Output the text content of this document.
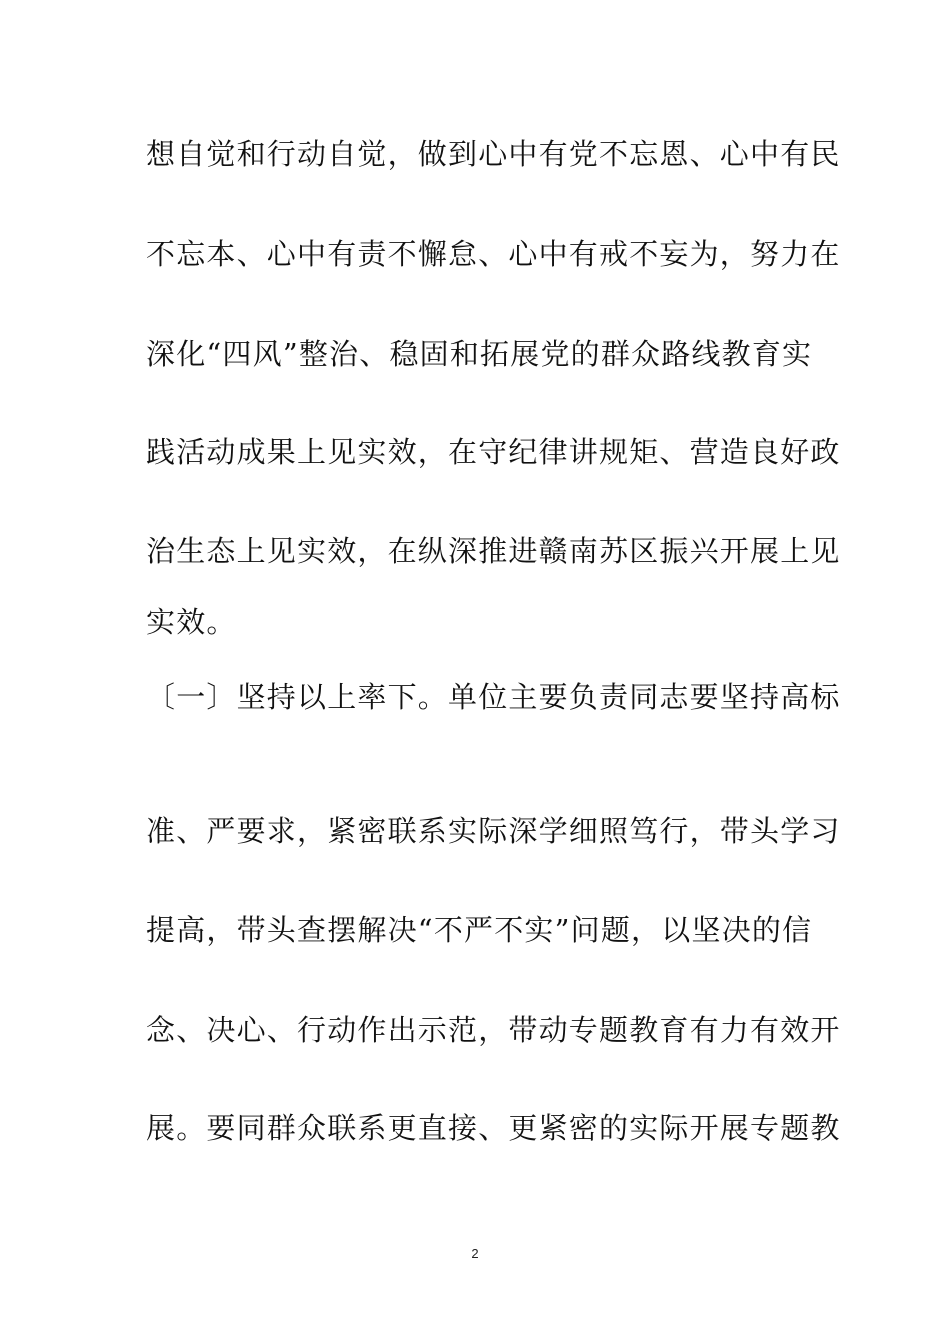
想自觉和行动自觉，做到心中有党不忘恩、心中有民
不忘本、心中有责不懈怠、心中有戒不妄为，努力在
深化“四风”整治、稳固和拓展党的群众路线教育实
践活动成果上见实效，在守纪律讲规矩、营造良好政
治生态上见实效，在纵深推进赣南苏区振兴开展上见
实效。
〔一〕坚持以上率下。单位主要负责同志要坚持高标
准、严要求，紧密联系实际深学细照笃行，带头学习
提高，带头查摆解决“不严不实”问题，以坚决的信
念、决心、行动作出示范，带动专题教育有力有效开
展。要同群众联系更直接、更紧密的实际开展专题教
2
